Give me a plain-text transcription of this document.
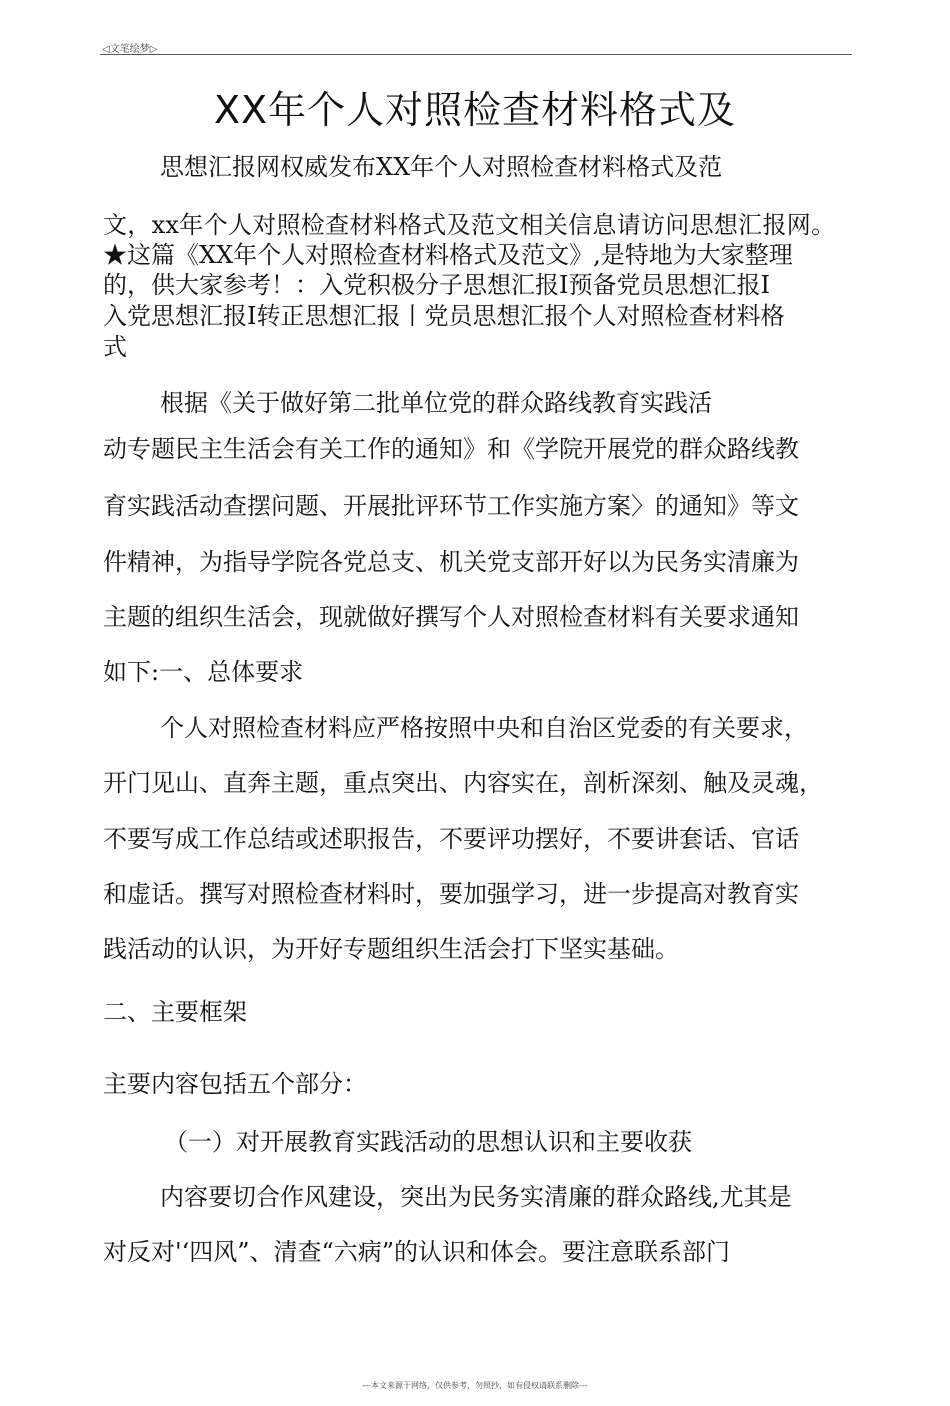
◁文笔绘梦▷
XX年个人对照检查材料格式及
思想汇报网权威发布XX年个人对照检查材料格式及范
文，xx年个人对照检查材料格式及范文相关信息请访问思想汇报网。
★这篇《XX年个人对照检查材料格式及范文》,是特地为大家整理
的，供大家参考！：入党积极分子思想汇报I预备党员思想汇报I
入党思想汇报I转正思想汇报丨党员思想汇报个人对照检查材料格
式
根据《关于做好第二批单位党的群众路线教育实践活
动专题民主生活会有关工作的通知》和《学院开展党的群众路线教
育实践活动查摆问题、开展批评环节工作实施方案〉的通知》等文
件精神，为指导学院各党总支、机关党支部开好以为民务实清廉为
主题的组织生活会，现就做好撰写个人对照检查材料有关要求通知
如下:一、总体要求
个人对照检查材料应严格按照中央和自治区党委的有关要求，
开门见山、直奔主题，重点突出、内容实在，剖析深刻、触及灵魂，
不要写成工作总结或述职报告，不要评功摆好，不要讲套话、官话
和虚话。撰写对照检查材料时，要加强学习，进一步提高对教育实
践活动的认识，为开好专题组织生活会打下坚实基础。
二、主要框架
主要内容包括五个部分：
（一）对开展教育实践活动的思想认识和主要收获
内容要切合作风建设，突出为民务实清廉的群众路线,尤其是
对反对'‘四风”、清查“六病”的认识和体会。要注意联系部门
---本文来源于网络，仅供参考，勿照抄，如有侵权请联系删除---
